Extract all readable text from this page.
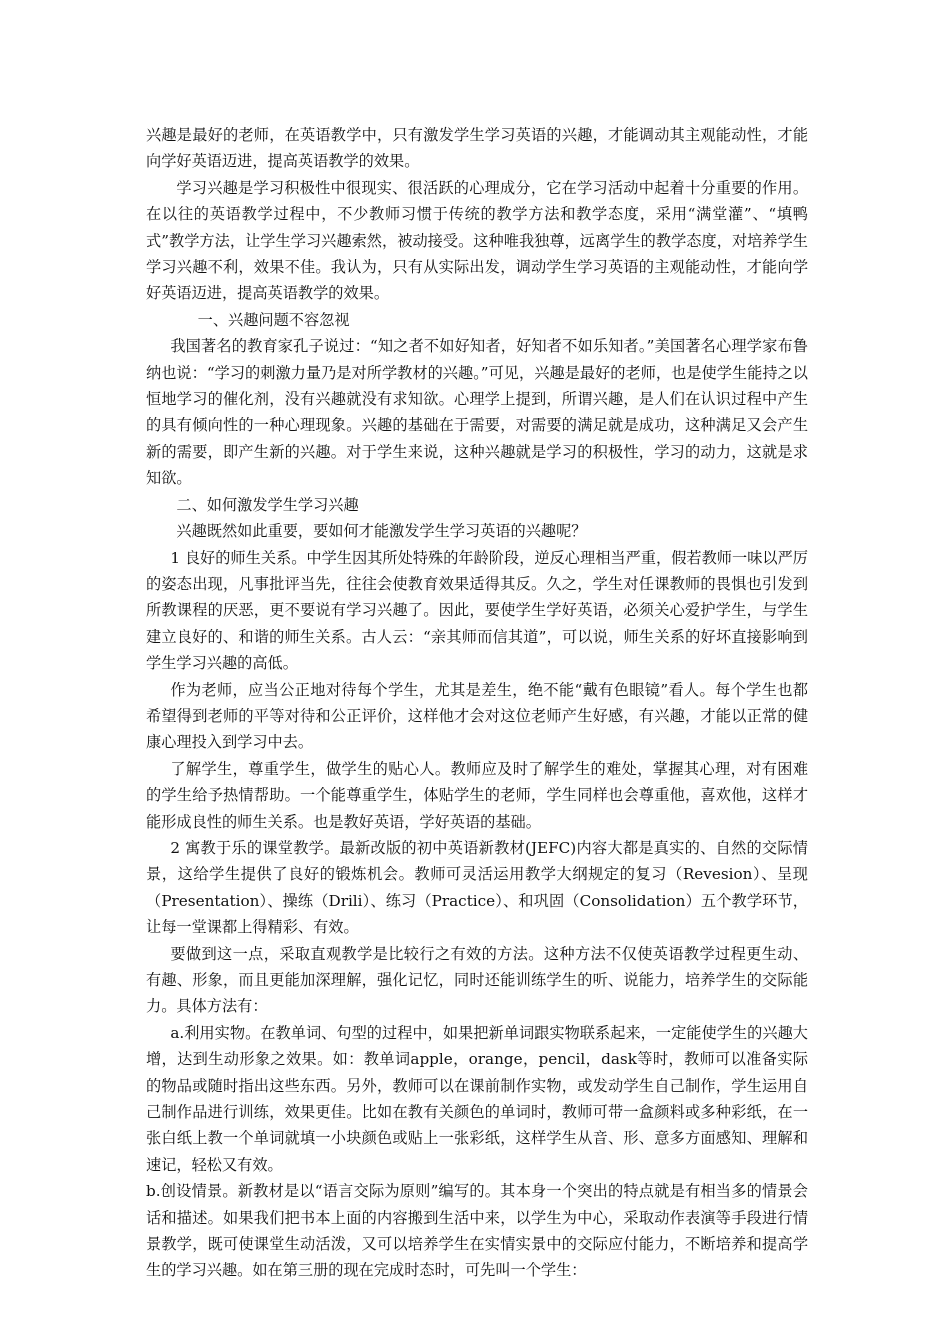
兴趣是最好的老师，在英语教学中，只有激发学生学习英语的兴趣，才能调动其主观能动性，才能向学好英语迈进，提高英语教学的效果。

学习兴趣是学习积极性中很现实、很活跃的心理成分，它在学习活动中起着十分重要的作用。在以往的英语教学过程中，不少教师习惯于传统的教学方法和教学态度，采用“满堂灌”、“填鸭式”教学方法，让学生学习兴趣索然，被动接受。这种唯我独尊，远离学生的教学态度，对培养学生学习兴趣不利，效果不佳。我认为，只有从实际出发，调动学生学习英语的主观能动性，才能向学好英语迈进，提高英语教学的效果。

一、兴趣问题不容忽视

我国著名的教育家孔子说过：“知之者不如好知者，好知者不如乐知者。”美国著名心理学家布鲁纳也说：“学习的刺激力量乃是对所学教材的兴趣。”可见，兴趣是最好的老师，也是使学生能持之以恒地学习的催化剂，没有兴趣就没有求知欲。心理学上提到，所谓兴趣，是人们在认识过程中产生的具有倾向性的一种心理现象。兴趣的基础在于需要，对需要的满足就是成功，这种满足又会产生新的需要，即产生新的兴趣。对于学生来说，这种兴趣就是学习的积极性，学习的动力，这就是求知欲。

二、如何激发学生学习兴趣

兴趣既然如此重要，要如何才能激发学生学习英语的兴趣呢？

1 良好的师生关系。中学生因其所处特殊的年龄阶段，逆反心理相当严重，假若教师一味以严厉的姿态出现，凡事批评当先，往往会使教育效果适得其反。久之，学生对任课教师的畏惧也引发到所教课程的厌恶，更不要说有学习兴趣了。因此，要使学生学好英语，必须关心爱护学生，与学生建立良好的、和谐的师生关系。古人云：“亲其师而信其道”，可以说，师生关系的好坏直接影响到学生学习兴趣的高低。

作为老师，应当公正地对待每个学生，尤其是差生，绝不能“戴有色眼镜”看人。每个学生也都希望得到老师的平等对待和公正评价，这样他才会对这位老师产生好感，有兴趣，才能以正常的健康心理投入到学习中去。

了解学生，尊重学生，做学生的贴心人。教师应及时了解学生的难处，掌握其心理，对有困难的学生给予热情帮助。一个能尊重学生，体贴学生的老师，学生同样也会尊重他，喜欢他，这样才能形成良性的师生关系。也是教好英语，学好英语的基础。

2 寓教于乐的课堂教学。最新改版的初中英语新教材(JEFC)内容大都是真实的、自然的交际情景，这给学生提供了良好的锻炼机会。教师可灵活运用教学大纲规定的复习（Revesion）、呈现（Presentation）、操练（Drili）、练习（Practice）、和巩固（Consolidation）五个教学环节，让每一堂课都上得精彩、有效。

要做到这一点，采取直观教学是比较行之有效的方法。这种方法不仅使英语教学过程更生动、有趣、形象，而且更能加深理解，强化记忆，同时还能训练学生的听、说能力，培养学生的交际能力。具体方法有：

a.利用实物。在教单词、句型的过程中，如果把新单词跟实物联系起来，一定能使学生的兴趣大增，达到生动形象之效果。如：教单词apple，orange，pencil，dask等时，教师可以准备实际的物品或随时指出这些东西。另外，教师可以在课前制作实物，或发动学生自己制作，学生运用自己制作品进行训练，效果更佳。比如在教有关颜色的单词时，教师可带一盒颜料或多种彩纸，在一张白纸上教一个单词就填一小块颜色或贴上一张彩纸，这样学生从音、形、意多方面感知、理解和速记，轻松又有效。

b.创设情景。新教材是以“语言交际为原则”编写的。其本身一个突出的特点就是有相当多的情景会话和描述。如果我们把书本上面的内容搬到生活中来，以学生为中心，采取动作表演等手段进行情景教学，既可使课堂生动活泼，又可以培养学生在实情实景中的交际应付能力，不断培养和提高学生的学习兴趣。如在第三册的现在完成时态时，可先叫一个学生：
